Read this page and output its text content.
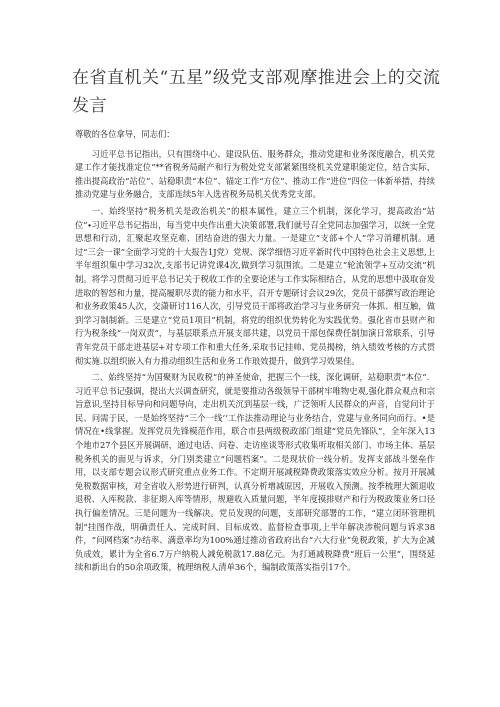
在省直机关“五星”级党支部观摩推进会上的交流发言

尊敬的各位拿导，同志们：

习近平总书记指出，只有围绕中心、建设队伍、服务群众，推动党建和业务深度融合，机关党建工作才能找准定位“**省税务局耐产和行为税处党支部紧紧围绕机关党建职能定位，结合实际，推出提高政治“站位”、站稳职责“本位”、锚定工作“方位”、推动工作“进位”四位一体新举措，持续推动党建与业务融合，支部连续5年入选省税务局机关优秀党支部。

一、始终坚持“税务机关是政治机关”的根本属性，建立三个机制，深化学习，提高政治“站位”∙习近平总书记指出，每当党中央作出重大决策部署,我们就号召全党同志加强学习，以统一全党思想和行动，汇聚起攻坚克难、团结奋进的强大力量。一是建立“支部+个人”学习消耀机制。通过“三会一课”全面学习党的十大报告1J党）党规、深学细悟习近平新时代中国特色社会主义思想,上半年组织集中学习32次,支部书记讲党课4次,做到学习氛围浓。二是建立“轮流领学+互动交流”机制。将学习贯彻习近平总书记关于税收工作的全要论述与工作实际相结合，从党的思想中汲取奋发进取的智怒和力量，提高履职尽责的能力和水平，召开专题研讨会议29次，党员干部撰写政治理论和业务政策45人次，交潇研讨116人次，引导党员干部将政治学习与业务研究一体抓、相互触，做到学习制制新。三是建立“党员1项目”机制，将党的组织优势转化为实践优势。强化省市县财产和行为税条线“一岗双责”，与基层联系点开展支部共建，以党员干部包保费任制加演日常联系，引导青年党员干部走进基层+对专项工作和重大任务,采取书记挂帅、党员揭榜，纳入绩效考核的方式贯彻实施.以组织嵌入有力推动组织生活和业务工作琅效提升，做到学习效果佳。

二、始终坚持“为国聚财为民收税”的神圣使命，把握三个一线，深化调研，站稳职责“本位”．习近平总书记强调，提出大兴调查研究，就是要推动各级领导干部树牢唯物史观,强化群众观点和宗旨意识,坚持目标导向和问题导向，走出机关沉到基层一线，广泛领听人民群众的声音，自觉问计于民、问需于民，一是始终坚持“三个一线’’工作法推动理论与业务结合，党建与业务同向而行。•是情况在•线掌握。发挥党员先锋模范作用，联合市县两级税政部门组建“党员先锋队”，全年深入13个地市27个县区开展调研，通过电话、问卷、走访座谈等形式收集听取相关部门、市场主体、基层税务机关的面见与诉求，分门别类建立“问题档案”。二是现状价一线分析。发挥支部战斗堡垒作用，以支部专题会议形式研究重点业务工作。不定期开展减税降费政策落实效应分析。按月开展减免税数据审核，对全省收入形势进行研判，认真分析增减原因，开展收入预测。按季梳理大额退收退税、入库税款、非征期入库等情形，规避收入质量问题，半年度摸排财产和行为税政策业务口径执行偏差情况。三是问题为一线解决。党员发现的问题，支部研究部署的工作，“建立闭环管理机制”挂图作战，明确责任人、完成时间、目标成效、监督检查事项,上半年解决涉税问题与诉求38件，“问网档案”办结率、满意率均为100%通过推动省政府出台“六大行业”免税政策，扩大为企减负成效，累计为全省6.7万户纳税人减免税款17.88亿元。为打通减税降费“班后一公里”，围绕延续和新出台的50余项政策，梳理纳税人清单36个，编制政策落实指引17个。
